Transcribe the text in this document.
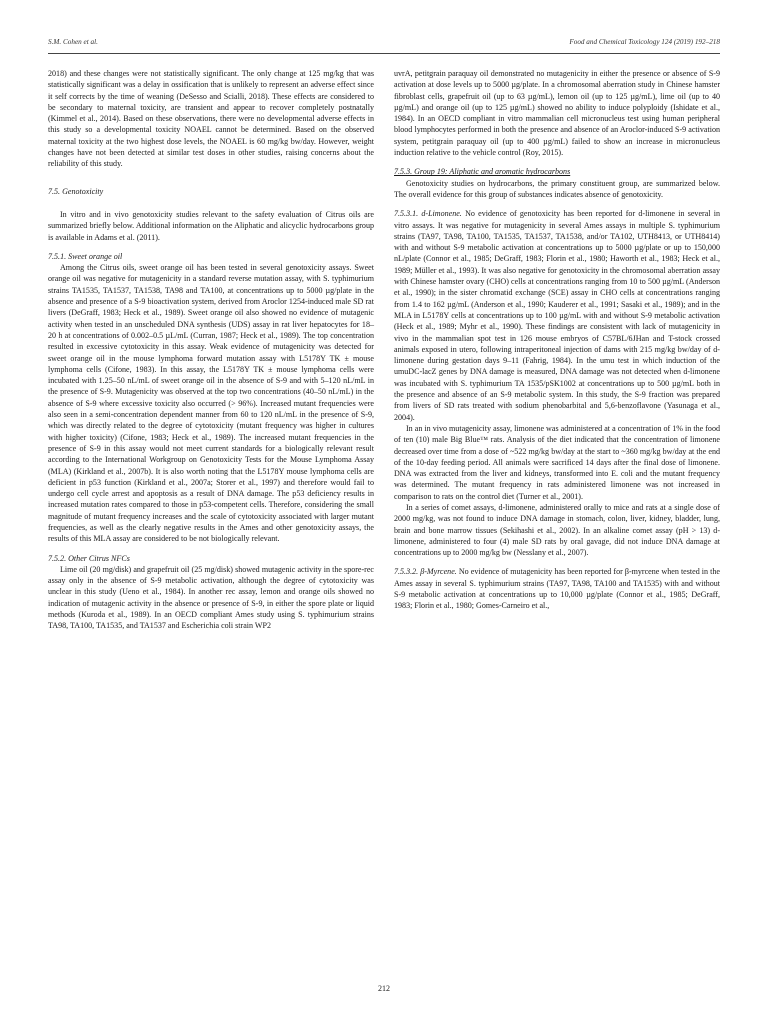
S.M. Cohen et al.	Food and Chemical Toxicology 124 (2019) 192–218

2018) and these changes were not statistically significant. The only change at 125 mg/kg that was statistically significant was a delay in ossification that is unlikely to represent an adverse effect since it self corrects by the time of weaning (DeSesso and Scialli, 2018). These effects are considered to be secondary to maternal toxicity, are transient and appear to recover completely postnatally (Kimmel et al., 2014). Based on these observations, there were no developmental adverse effects in this study so a developmental toxicity NOAEL cannot be determined. Based on the observed maternal toxicity at the two highest dose levels, the NOAEL is 60 mg/kg bw/day. However, weight changes have not been detected at similar test doses in other studies, raising concerns about the reliability of this study.

7.5. Genotoxicity

In vitro and in vivo genotoxicity studies relevant to the safety evaluation of Citrus oils are summarized briefly below. Additional information on the Aliphatic and alicyclic hydrocarbons group is available in Adams et al. (2011).

7.5.1. Sweet orange oil

Among the Citrus oils, sweet orange oil has been tested in several genotoxicity assays. Sweet orange oil was negative for mutagenicity in a standard reverse mutation assay, with S. typhimurium strains TA1535, TA1537, TA1538, TA98 and TA100, at concentrations up to 5000 µg/plate in the absence and presence of a S-9 bioactivation system, derived from Aroclor 1254-induced male SD rat livers (DeGraff, 1983; Heck et al., 1989). Sweet orange oil also showed no evidence of mutagenic activity when tested in an unscheduled DNA synthesis (UDS) assay in rat liver hepatocytes for 18–20 h at concentrations of 0.002–0.5 µL/mL (Curran, 1987; Heck et al., 1989). The top concentration resulted in excessive cytotoxicity in this assay. Weak evidence of mutagenicity was detected for sweet orange oil in the mouse lymphoma forward mutation assay with L5178Y TK ± mouse lymphoma cells (Cifone, 1983). In this assay, the L5178Y TK ± mouse lymphoma cells were incubated with 1.25–50 nL/mL of sweet orange oil in the absence of S-9 and with 5–120 nL/mL in the presence of S-9. Mutagenicity was observed at the top two concentrations (40–50 nL/mL) in the absence of S-9 where excessive toxicity also occurred (> 96%). Increased mutant frequencies were also seen in a semi-concentration dependent manner from 60 to 120 nL/mL in the presence of S-9, which was directly related to the degree of cytotoxicity (mutant frequency was higher in cultures with higher toxicity) (Cifone, 1983; Heck et al., 1989). The increased mutant frequencies in the presence of S-9 in this assay would not meet current standards for a biologically relevant result according to the International Workgroup on Genotoxicity Tests for the Mouse Lymphoma Assay (MLA) (Kirkland et al., 2007b). It is also worth noting that the L5178Y mouse lymphoma cells are deficient in p53 function (Kirkland et al., 2007a; Storer et al., 1997) and therefore would fail to undergo cell cycle arrest and apoptosis as a result of DNA damage. The p53 deficiency results in increased mutation rates compared to those in p53-competent cells. Therefore, considering the small magnitude of mutant frequency increases and the scale of cytotoxicity associated with larger mutant frequencies, as well as the clearly negative results in the Ames and other genotoxicity assays, the results of this MLA assay are considered to be not biologically relevant.

7.5.2. Other Citrus NFCs

Lime oil (20 mg/disk) and grapefruit oil (25 mg/disk) showed mutagenic activity in the spore-rec assay only in the absence of S-9 metabolic activation, although the degree of cytotoxicity was unclear in this study (Ueno et al., 1984). In another rec assay, lemon and orange oils showed no indication of mutagenic activity in the absence or presence of S-9, in either the spore plate or liquid methods (Kuroda et al., 1989). In an OECD compliant Ames study using S. typhimurium strains TA98, TA100, TA1535, and TA1537 and Escherichia coli strain WP2

uvrA, petitgrain paraquay oil demonstrated no mutagenicity in either the presence or absence of S-9 activation at dose levels up to 5000 µg/plate. In a chromosomal aberration study in Chinese hamster fibroblast cells, grapefruit oil (up to 63 µg/mL), lemon oil (up to 125 µg/mL), lime oil (up to 40 µg/mL) and orange oil (up to 125 µg/mL) showed no ability to induce polyploidy (Ishidate et al., 1984). In an OECD compliant in vitro mammalian cell micronucleus test using human peripheral blood lymphocytes performed in both the presence and absence of an Aroclor-induced S-9 activation system, petitgrain paraquay oil (up to 400 µg/mL) failed to show an increase in micronucleus induction relative to the vehicle control (Roy, 2015).

7.5.3. Group 19: Aliphatic and aromatic hydrocarbons

Genotoxicity studies on hydrocarbons, the primary constituent group, are summarized below. The overall evidence for this group of substances indicates absence of genotoxicity.

7.5.3.1. d-Limonene. No evidence of genotoxicity has been reported for d-limonene in several in vitro assays. It was negative for mutagenicity in several Ames assays in multiple S. typhimurium strains (TA97, TA98, TA100, TA1535, TA1537, TA1538, and/or TA102, UTH8413, or UTH8414) with and without S-9 metabolic activation at concentrations up to 5000 µg/plate or up to 150,000 nL/plate (Connor et al., 1985; DeGraff, 1983; Florin et al., 1980; Haworth et al., 1983; Heck et al., 1989; Müller et al., 1993). It was also negative for genotoxicity in the chromosomal aberration assay with Chinese hamster ovary (CHO) cells at concentrations ranging from 10 to 500 µg/mL (Anderson et al., 1990); in the sister chromatid exchange (SCE) assay in CHO cells at concentrations ranging from 1.4 to 162 µg/mL (Anderson et al., 1990; Kauderer et al., 1991; Sasaki et al., 1989); and in the MLA in L5178Y cells at concentrations up to 100 µg/mL with and without S-9 metabolic activation (Heck et al., 1989; Myhr et al., 1990). These findings are consistent with lack of mutagenicity in vivo in the mammalian spot test in 126 mouse embryos of C57BL/6JHan and T-stock crossed animals exposed in utero, following intraperitoneal injection of dams with 215 mg/kg bw/day of d-limonene during gestation days 9–11 (Fahrig, 1984). In the umu test in which induction of the umuDC-lacZ genes by DNA damage is measured, DNA damage was not detected when d-limonene was incubated with S. typhimurium TA 1535/pSK1002 at concentrations up to 500 µg/mL both in the presence and absence of an S-9 metabolic system. In this study, the S-9 fraction was prepared from livers of SD rats treated with sodium phenobarbital and 5,6-benzoflavone (Yasunaga et al., 2004).

In an in vivo mutagenicity assay, limonene was administered at a concentration of 1% in the food of ten (10) male Big Blue™ rats. Analysis of the diet indicated that the concentration of limonene decreased over time from a dose of ~522 mg/kg bw/day at the start to ~360 mg/kg bw/day at the end of the 10-day feeding period. All animals were sacrificed 14 days after the final dose of limonene. DNA was extracted from the liver and kidneys, transformed into E. coli and the mutant frequency was determined. The mutant frequency in rats administered limonene was not increased in comparison to rats on the control diet (Turner et al., 2001).

In a series of comet assays, d-limonene, administered orally to mice and rats at a single dose of 2000 mg/kg, was not found to induce DNA damage in stomach, colon, liver, kidney, bladder, lung, brain and bone marrow tissues (Sekihashi et al., 2002). In an alkaline comet assay (pH > 13) d-limonene, administered to four (4) male SD rats by oral gavage, did not induce DNA damage at concentrations up to 2000 mg/kg bw (Nesslany et al., 2007).

7.5.3.2. β-Myrcene. No evidence of mutagenicity has been reported for β-myrcene when tested in the Ames assay in several S. typhimurium strains (TA97, TA98, TA100 and TA1535) with and without S-9 metabolic activation at concentrations up to 10,000 µg/plate (Connor et al., 1985; DeGraff, 1983; Florin et al., 1980; Gomes-Carneiro et al.,

212
